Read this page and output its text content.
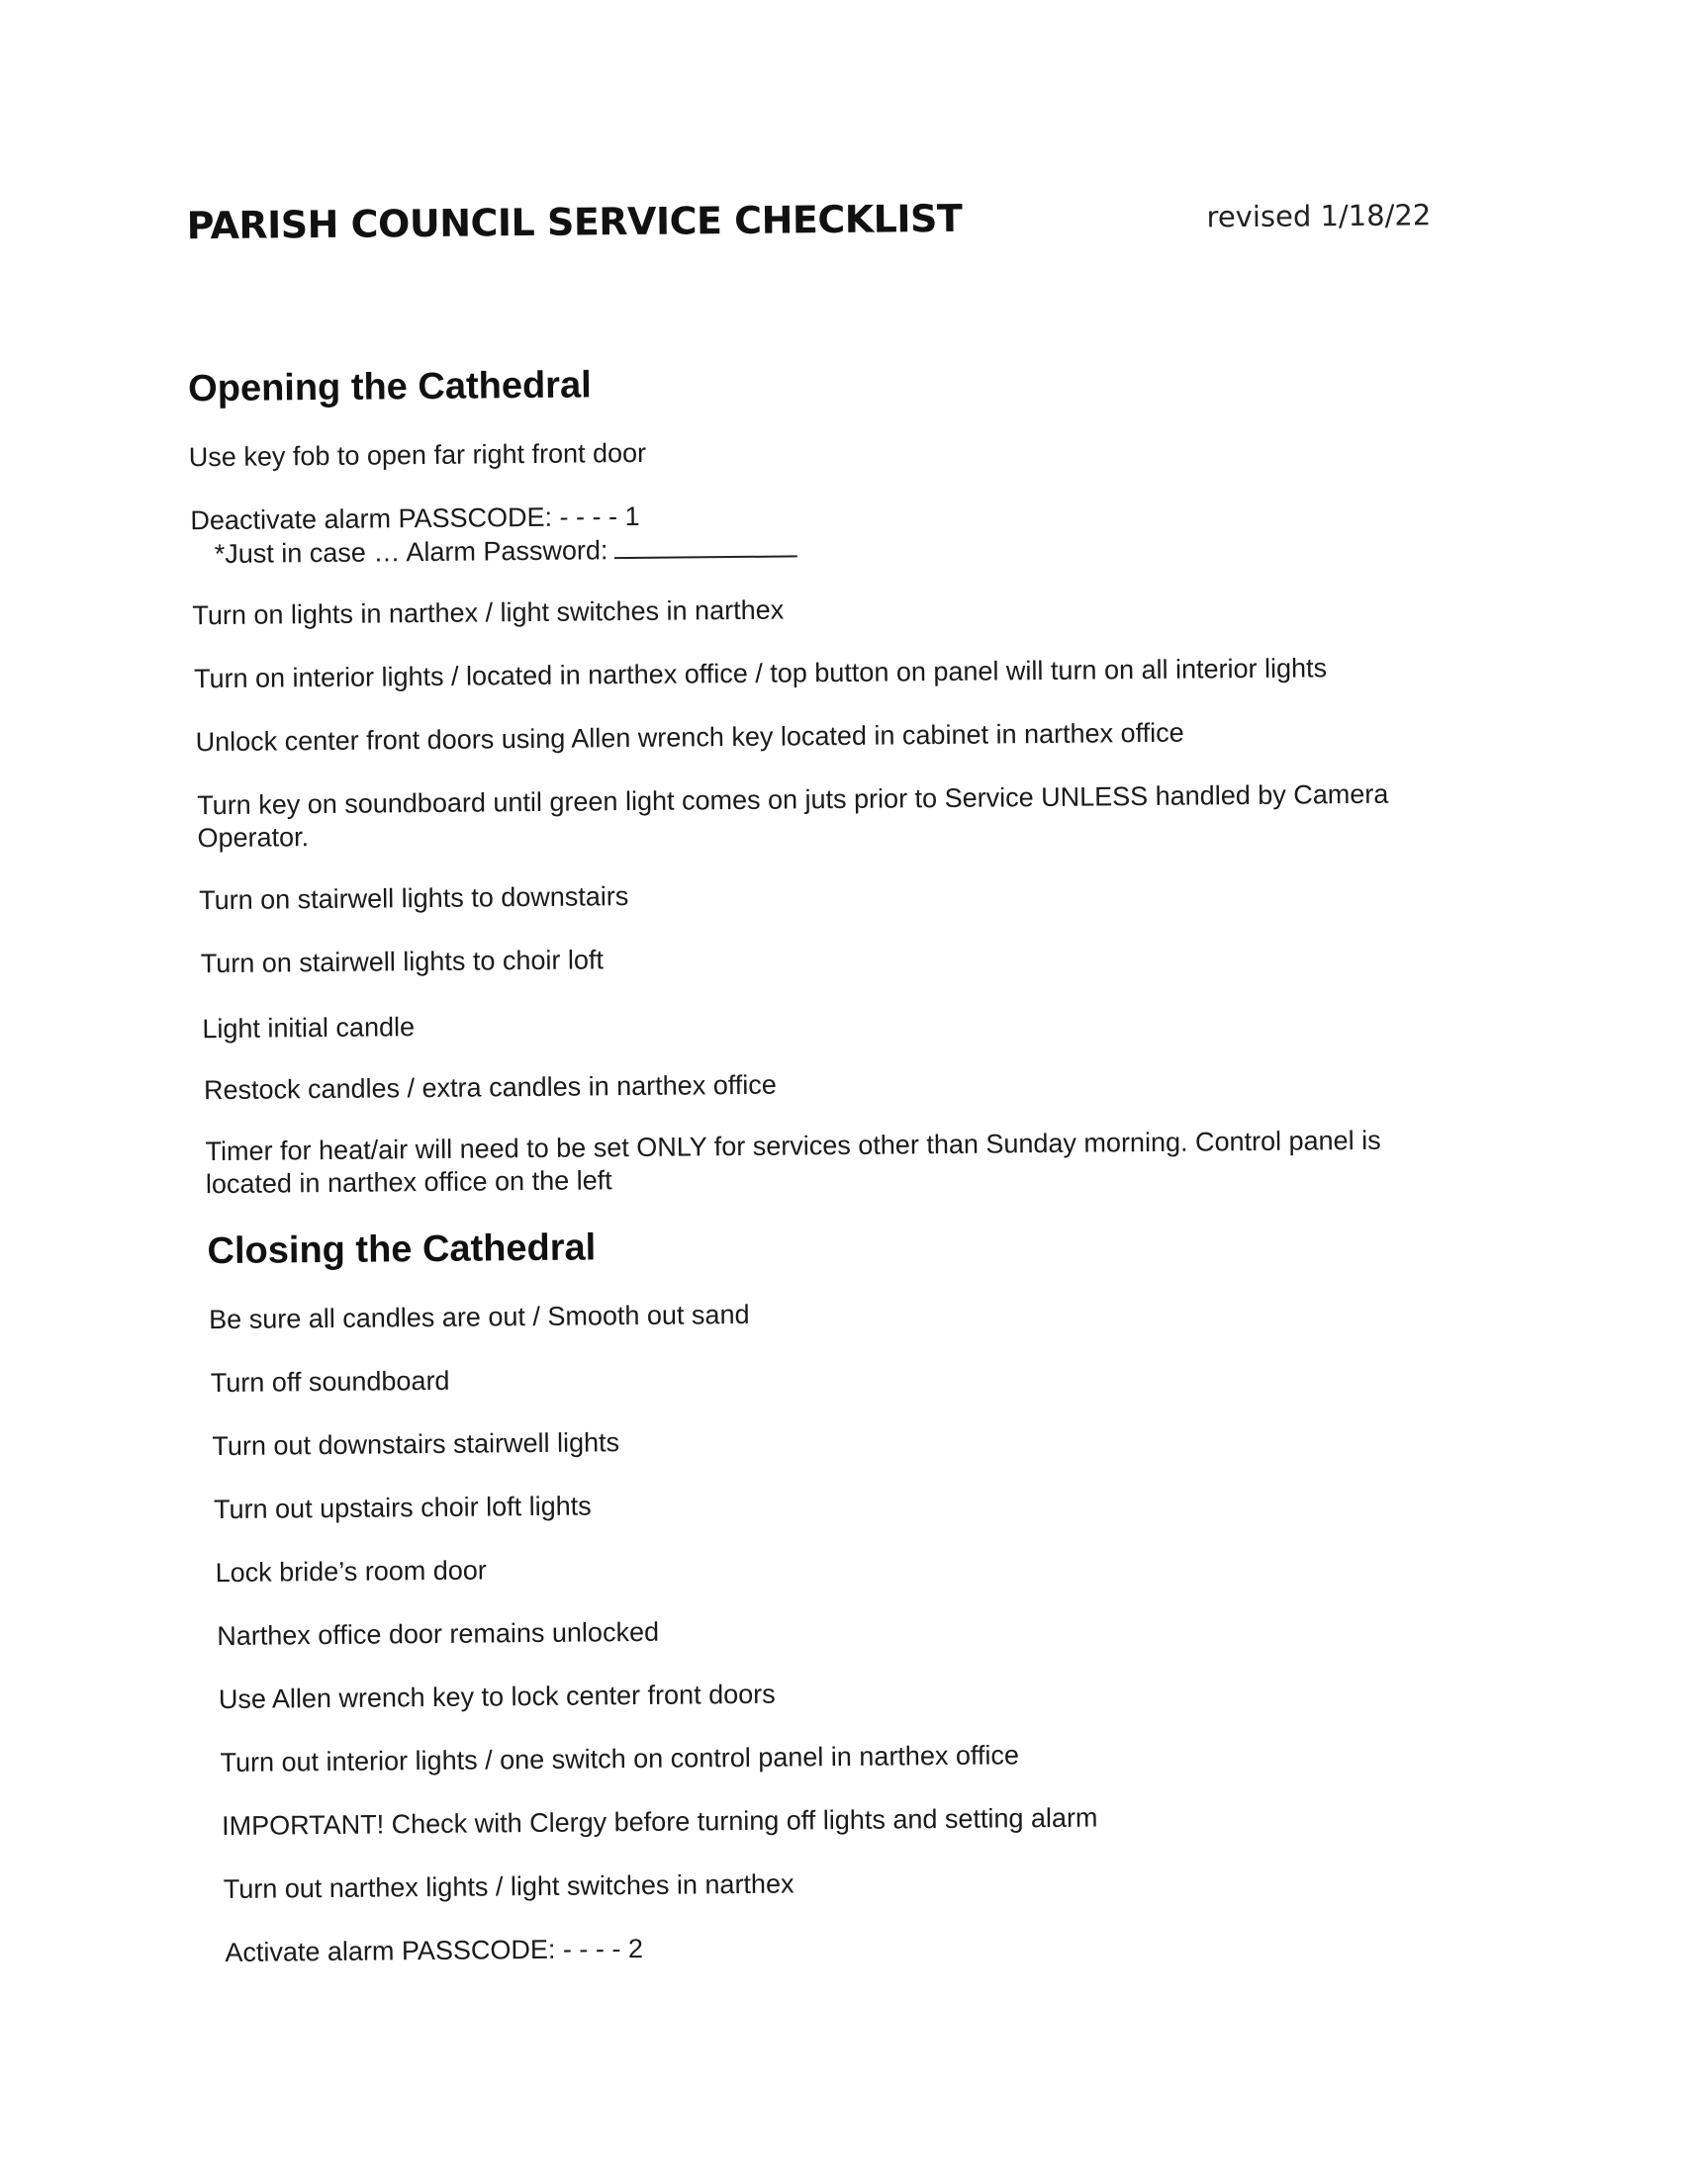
PARISH COUNCIL SERVICE CHECKLIST	revised 1/18/22
Opening the Cathedral
Use key fob to open far right front door
Deactivate alarm PASSCODE: - - - - 1
*Just in case … Alarm Password:
Turn on lights in narthex / light switches in narthex
Turn on interior lights / located in narthex office / top button on panel will turn on all interior lights
Unlock center front doors using Allen wrench key located in cabinet in narthex office
Turn key on soundboard until green light comes on juts prior to Service UNLESS handled by Camera Operator.
Turn on stairwell lights to downstairs
Turn on stairwell lights to choir loft
Light initial candle
Restock candles / extra candles in narthex office
Timer for heat/air will need to be set ONLY for services other than Sunday morning. Control panel is located in narthex office on the left
Closing the Cathedral
Be sure all candles are out / Smooth out sand
Turn off soundboard
Turn out downstairs stairwell lights
Turn out upstairs choir loft lights
Lock bride’s room door
Narthex office door remains unlocked
Use Allen wrench key to lock center front doors
Turn out interior lights / one switch on control panel in narthex office
IMPORTANT! Check with Clergy before turning off lights and setting alarm
Turn out narthex lights / light switches in narthex
Activate alarm PASSCODE: - - - - 2
